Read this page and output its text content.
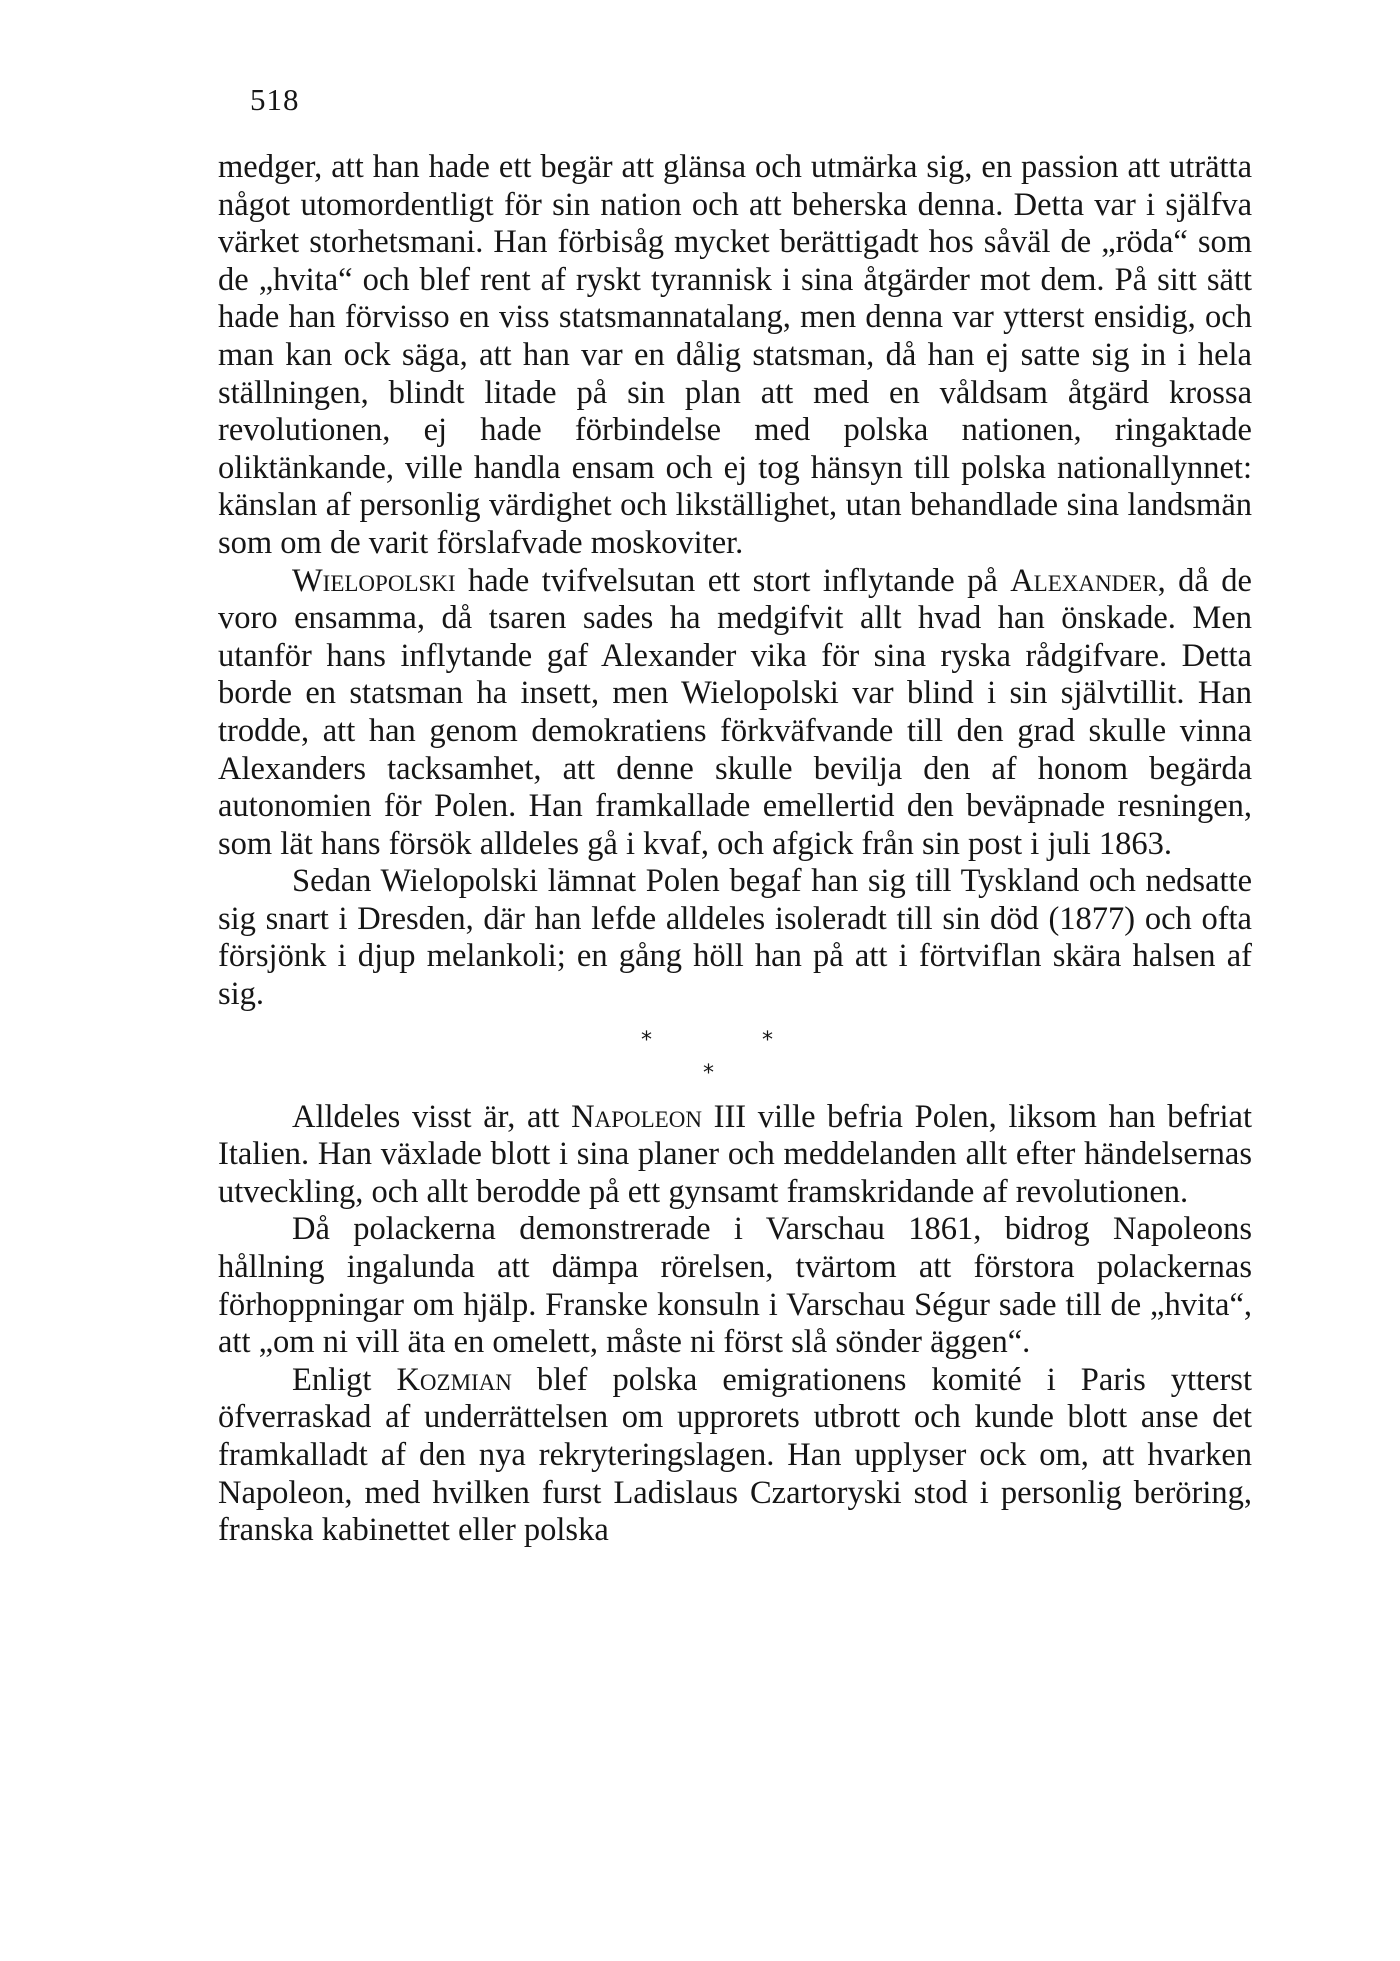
518

medger, att han hade ett begär att glänsa och utmärka sig, en passion att uträtta något utomordentligt för sin nation och att beherska denna. Detta var i själfva värket storhetsmani. Han förbisåg mycket berättigadt hos såväl de „röda“ som de „hvita“ och blef rent af ryskt tyrannisk i sina åtgärder mot dem. På sitt sätt hade han förvisso en viss statsmannatalang, men denna var ytterst ensidig, och man kan ock säga, att han var en dålig statsman, då han ej satte sig in i hela ställningen, blindt litade på sin plan att med en våldsam åtgärd krossa revolutionen, ej hade förbindelse med polska nationen, ringaktade oliktänkande, ville handla ensam och ej tog hänsyn till polska nationallynnet: känslan af personlig värdighet och likställighet, utan behandlade sina landsmän som om de varit förslafvade moskoviter.

Wielopolski hade tvifvelsutan ett stort inflytande på Alexander, då de voro ensamma, då tsaren sades ha medgifvit allt hvad han önskade. Men utanför hans inflytande gaf Alexander vika för sina ryska rådgifvare. Detta borde en statsman ha insett, men Wielopolski var blind i sin självtillit. Han trodde, att han genom demokratiens förkväfvande till den grad skulle vinna Alexanders tacksamhet, att denne skulle bevilja den af honom begärda autonomien för Polen. Han framkallade emellertid den beväpnade resningen, som lät hans försök alldeles gå i kvaf, och afgick från sin post i juli 1863.

Sedan Wielopolski lämnat Polen begaf han sig till Tyskland och nedsatte sig snart i Dresden, där han lefde alldeles isoleradt till sin död (1877) och ofta försjönk i djup melankoli; en gång höll han på att i förtviflan skära halsen af sig.

*
*
*

Alldeles visst är, att Napoleon III ville befria Polen, liksom han befriat Italien. Han växlade blott i sina planer och meddelanden allt efter händelsernas utveckling, och allt berodde på ett gynsamt framskridande af revolutionen.

Då polackerna demonstrerade i Varschau 1861, bidrog Napoleons hållning ingalunda att dämpa rörelsen, tvärtom att förstora polackernas förhoppningar om hjälp. Franske konsuln i Varschau Ségur sade till de „hvita“, att „om ni vill äta en omelett, måste ni först slå sönder äggen“.

Enligt Kozmian blef polska emigrationens komité i Paris ytterst öfverraskad af underrättelsen om upprorets utbrott och kunde blott anse det framkalladt af den nya rekryteringslagen. Han upplyser ock om, att hvarken Napoleon, med hvilken furst Ladislaus Czartoryski stod i personlig beröring, franska kabinettet eller polska
